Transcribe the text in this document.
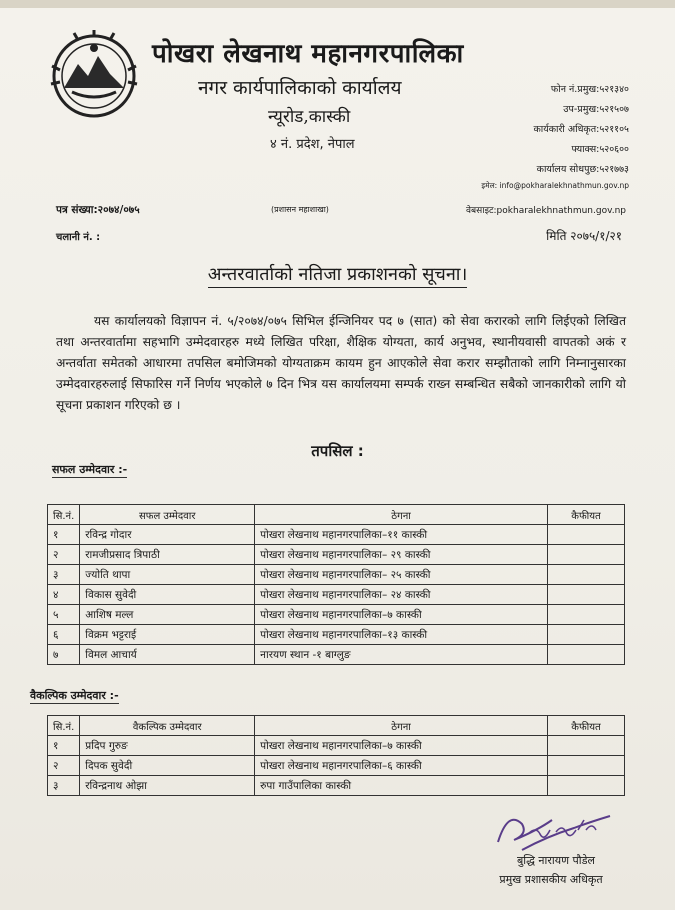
पोखरा लेखनाथ महानगरपालिका
नगर कार्यपालिकाको कार्यालय
न्यूरोड,कास्की
४ नं. प्रदेश, नेपाल
फोन नं.प्रमुख:५२१३४०
उप-प्रमुख:५२१५०७
कार्यकारी अधिकृत:५२११०५
फ्याक्स:५२०६००
कार्यालय सोधपुछ:५२१७७३
इमेल: info@pokharalekhnathmun.gov.np
पत्र संख्या:२०७४/०७५	(प्रशासन महाशाखा)	वेबसाइट:pokharalekhnathmun.gov.np
चलानी नं. :	मिति २०७५/१/२१
अन्तरवार्ताको नतिजा प्रकाशनको सूचना।
यस कार्यालयको विज्ञापन नं. ५/२०७४/०७५ सिभिल ईन्जिनियर पद ७ (सात) को सेवा करारको लागि लिईएको लिखित तथा अन्तरवार्तामा सहभागि उम्मेदवारहरु मध्ये लिखित परिक्षा, शैक्षिक योग्यता, कार्य अनुभव, स्थानीयवासी वापतको अकं र अन्तर्वाता समेतको आधारमा तपसिल बमोजिमको योग्यताक्रम कायम हुन आएकोले सेवा करार सम्झौताको लागि निम्नानुसारका उम्मेदवारहरुलाई सिफारिस गर्ने निर्णय भएकोले ७ दिन भित्र यस कार्यालयमा सम्पर्क राख्न सम्बन्धित सबैको जानकारीको लागि यो सूचना प्रकाशन गरिएको छ ।
तपसिल :
सफल उम्मेदवार :-
सि.नं.	सफल उम्मेदवार	ठेगना	कैफीयत
१	रविन्द्र गोदार	पोखरा लेखनाथ महानगरपालिका–११ कास्की	
२	रामजीप्रसाद त्रिपाठी	पोखरा लेखनाथ महानगरपालिका– २९ कास्की	
३	ज्योति थापा	पोखरा लेखनाथ महानगरपालिका– २५ कास्की	
४	विकास सुवेदी	पोखरा लेखनाथ महानगरपालिका– २४ कास्की	
५	आशिष मल्ल	पोखरा लेखनाथ महानगरपालिका–७ कास्की	
६	विक्रम भट्टराई	पोखरा लेखनाथ महानगरपालिका–१३ कास्की	
७	विमल आचार्य	नारयण स्थान -१ बाग्लुङ	
वैकल्पिक उम्मेदवार :-
सि.नं.	वैकल्पिक उम्मेदवार	ठेगना	कैफीयत
१	प्रदिप गुरुङ	पोखरा लेखनाथ महानगरपालिका–७ कास्की	
२	दिपक सुवेदी	पोखरा लेखनाथ महानगरपालिका–६ कास्की	
३	रविन्द्रनाथ ओझा	रुपा गाउँपालिका कास्की	
बुद्धि नारायण पौडेल
प्रमुख प्रशासकीय अधिकृत
